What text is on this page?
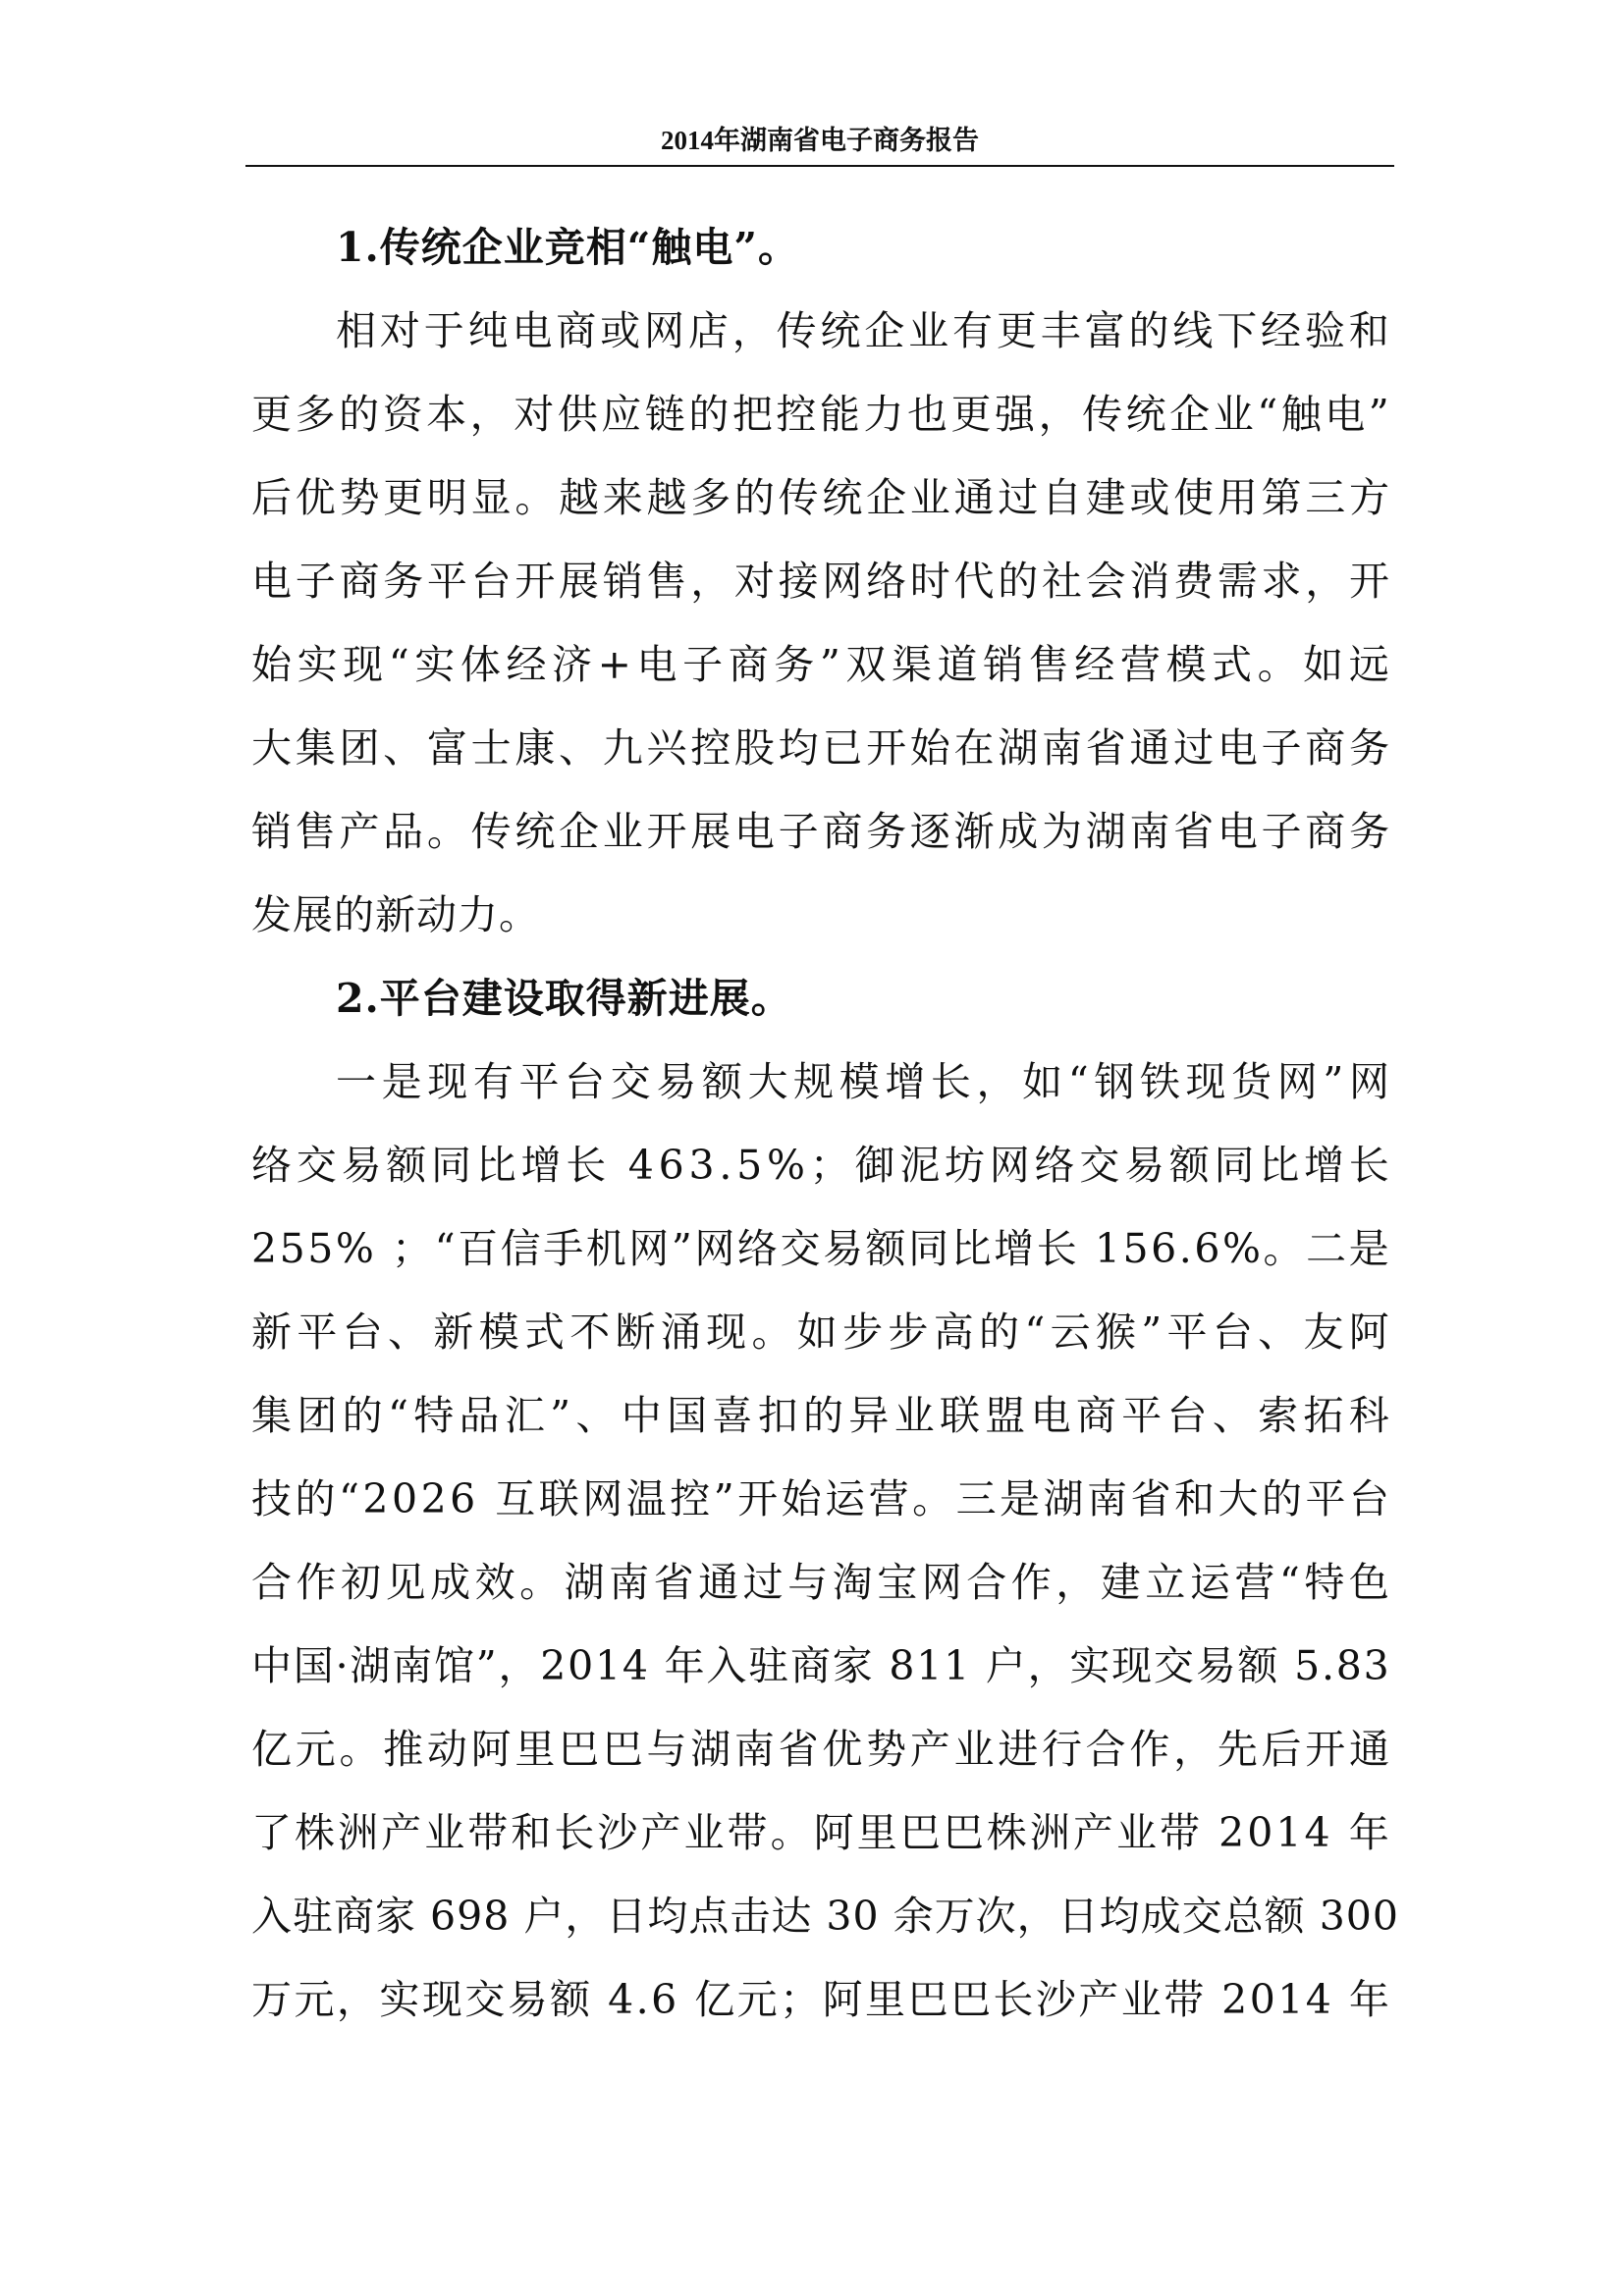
2014年湖南省电子商务报告
1.传统企业竞相“触电”。
相 对 于 纯 电 商 或 网 店 ， 传 统 企 业 有 更 丰 富 的 线 下 经 验 和
更 多 的 资 本 ， 对 供 应 链 的 把 控 能 力 也 更 强 ， 传 统 企 业 “ 触 电 ”
后 优 势 更 明 显 。 越 来 越 多 的 传 统 企 业 通 过 自 建 或 使 用 第 三 方
电 子 商 务 平 台 开 展 销 售 ， 对 接 网 络 时 代 的 社 会 消 费 需 求 ， 开
始 实 现 “ 实 体 经 济 + 电 子 商 务 ” 双 渠 道 销 售 经 营 模 式 。 如 远
大 集 团 、 富 士 康 、 九 兴 控 股 均 已 开 始 在 湖 南 省 通 过 电 子 商 务
销 售 产 品 。 传 统 企 业 开 展 电 子 商 务 逐 渐 成 为 湖 南 省 电 子 商 务
发展的新动力。
2.平台建设取得新进展。
一 是 现 有 平 台 交 易 额 大 规 模 增 长 ， 如 “ 钢 铁 现 货 网 ” 网
络 交 易 额 同 比 增 长
4 6 3 . 5 % ； 御 泥 坊 网 络 交 易 额 同 比 增 长
2 5 5 %
； “ 百 信 手 机 网 ” 网 络 交 易 额 同 比 增 长
1 5 6 . 6 % 。 二 是
新 平 台 、 新 模 式 不 断 涌 现 。 如 步 步 高 的 “ 云 猴 ” 平 台 、 友 阿
集 团 的 “ 特 品 汇 ” 、 中 国 喜 扣 的 异 业 联 盟 电 商 平 台 、 索 拓 科
技 的 “ 2 0 2 6
互 联 网 温 控 ” 开 始 运 营 。 三 是 湖 南 省 和 大 的 平 台
合 作 初 见 成 效 。 湖 南 省 通 过 与 淘 宝 网 合 作 ， 建 立 运 营 “ 特 色
中 国 · 湖 南 馆 ” ， 2 0 1 4
年 入 驻 商 家
8 1 1
户 ， 实 现 交 易 额
5 . 8 3
亿 元 。 推 动 阿 里 巴 巴 与 湖 南 省 优 势 产 业 进 行 合 作 ， 先 后 开 通
了 株 洲 产 业 带 和 长 沙 产 业 带 。 阿 里 巴 巴 株 洲 产 业 带
2 0 1 4
年
入 驻 商 家
6 9 8
户 ， 日 均 点 击 达
3 0
余 万 次 ， 日 均 成 交 总 额
3 0 0
万 元 ， 实 现 交 易 额
4 . 6
亿 元 ； 阿 里 巴 巴 长 沙 产 业 带
2 0 1 4
年
